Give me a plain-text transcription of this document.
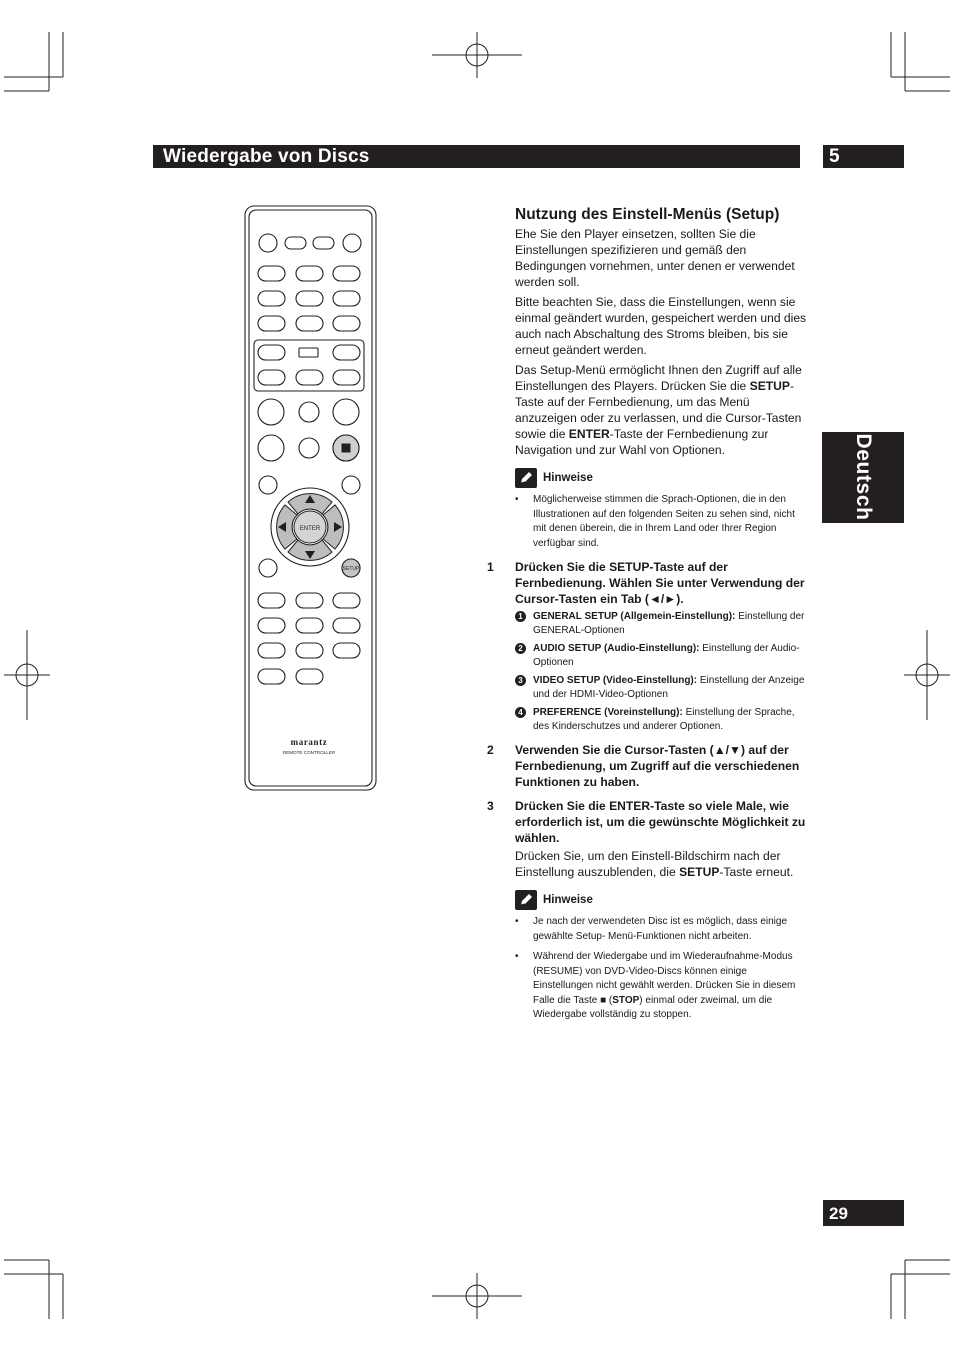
Wiedergabe von Discs	5
Deutsch
29
ENTER
SETUP
marantz
REMOTE CONTROLLER
Nutzung des Einstell-Menüs (Setup)

Ehe Sie den Player einsetzen, sollten Sie die Einstellungen spezifizieren und gemäß den Bedingungen vornehmen, unter denen er verwendet werden soll.

Bitte beachten Sie, dass die Einstellungen, wenn sie einmal geändert wurden, gespeichert werden und dies auch nach Abschaltung des Stroms bleiben, bis sie erneut geändert werden.

Das Setup-Menü ermöglicht Ihnen den Zugriff auf alle Einstellungen des Players. Drücken Sie die SETUP-Taste auf der Fernbedienung, um das Menü anzuzeigen oder zu verlassen, und die Cursor-Tasten sowie die ENTER-Taste der Fernbedienung zur Navigation und zur Wahl von Optionen.

Hinweise
•	Möglicherweise stimmen die Sprach-Optionen, die in den Illustrationen auf den folgenden Seiten zu sehen sind, nicht mit denen überein, die in Ihrem Land oder Ihrer Region verfügbar sind.
1	Drücken Sie die SETUP-Taste auf der Fernbedienung. Wählen Sie unter Verwendung der Cursor-Tasten ein Tab (◄/►).
1	GENERAL SETUP (Allgemein-Einstellung): Einstellung der GENERAL-Optionen
2	AUDIO SETUP (Audio-Einstellung): Einstellung der Audio-Optionen
3	VIDEO SETUP (Video-Einstellung): Einstellung der Anzeige und der HDMI-Video-Optionen
4	PREFERENCE (Voreinstellung): Einstellung der Sprache, des Kinderschutzes und anderer Optionen.
2	Verwenden Sie die Cursor-Tasten (▲/▼) auf der Fernbedienung, um Zugriff auf die verschiedenen Funktionen zu haben.
3	Drücken Sie die ENTER-Taste so viele Male, wie erforderlich ist, um die gewünschte Möglichkeit zu wählen.
Drücken Sie, um den Einstell-Bildschirm nach der Einstellung auszublenden, die SETUP-Taste erneut.
Hinweise
•	Je nach der verwendeten Disc ist es möglich, dass einige gewählte Setup- Menü-Funktionen nicht arbeiten.
•	Während der Wiedergabe und im Wiederaufnahme-Modus (RESUME) von DVD-Video-Discs können einige Einstellungen nicht gewählt werden. Drücken Sie in diesem Falle die Taste ■ (STOP) einmal oder zweimal, um die Wiedergabe vollständig zu stoppen.
